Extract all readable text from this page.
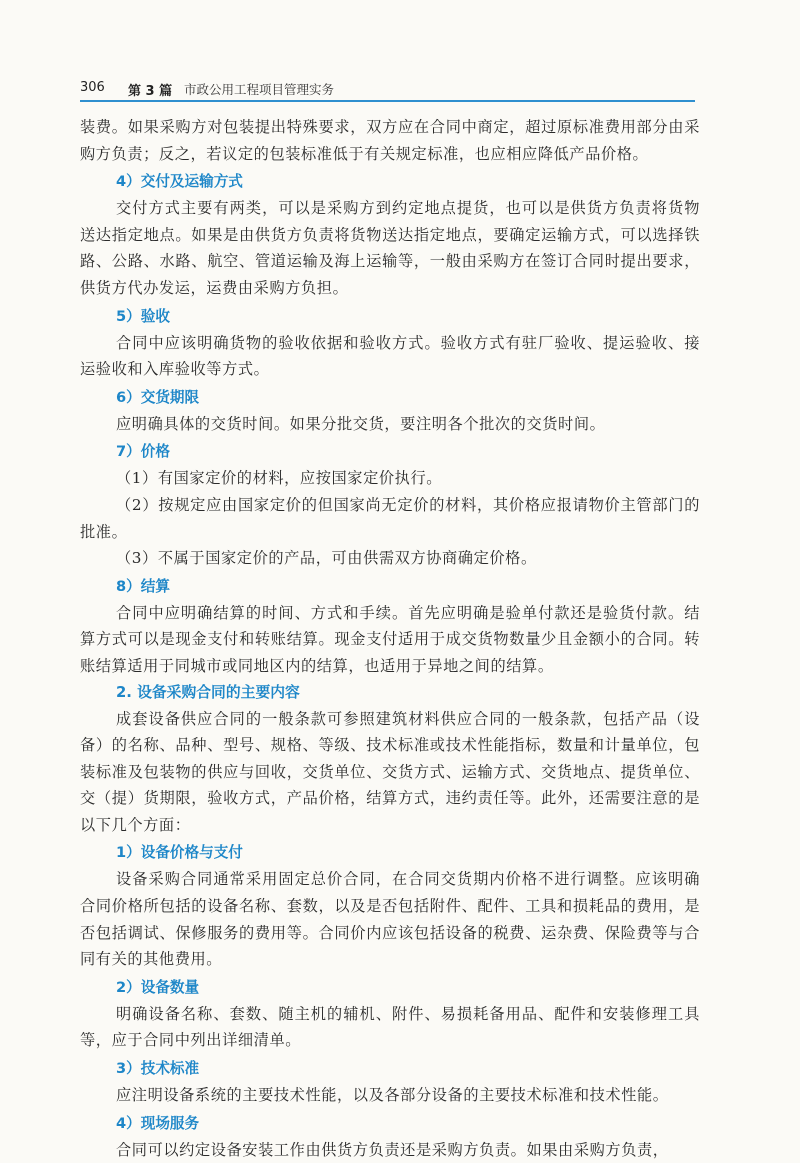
306 第 3 篇 市政公用工程项目管理实务

装费。如果采购方对包装提出特殊要求，双方应在合同中商定，超过原标准费用部分由采购方负责；反之，若议定的包装标准低于有关规定标准，也应相应降低产品价格。

4）交付及运输方式

交付方式主要有两类，可以是采购方到约定地点提货，也可以是供货方负责将货物送达指定地点。如果是由供货方负责将货物送达指定地点，要确定运输方式，可以选择铁路、公路、水路、航空、管道运输及海上运输等，一般由采购方在签订合同时提出要求，供货方代办发运，运费由采购方负担。

5）验收

合同中应该明确货物的验收依据和验收方式。验收方式有驻厂验收、提运验收、接运验收和入库验收等方式。

6）交货期限

应明确具体的交货时间。如果分批交货，要注明各个批次的交货时间。

7）价格

（1）有国家定价的材料，应按国家定价执行。

（2）按规定应由国家定价的但国家尚无定价的材料，其价格应报请物价主管部门的批准。

（3）不属于国家定价的产品，可由供需双方协商确定价格。

8）结算

合同中应明确结算的时间、方式和手续。首先应明确是验单付款还是验货付款。结算方式可以是现金支付和转账结算。现金支付适用于成交货物数量少且金额小的合同。转账结算适用于同城市或同地区内的结算，也适用于异地之间的结算。

2. 设备采购合同的主要内容

成套设备供应合同的一般条款可参照建筑材料供应合同的一般条款，包括产品（设备）的名称、品种、型号、规格、等级、技术标准或技术性能指标，数量和计量单位，包装标准及包装物的供应与回收，交货单位、交货方式、运输方式、交货地点、提货单位、交（提）货期限，验收方式，产品价格，结算方式，违约责任等。此外，还需要注意的是以下几个方面：

1）设备价格与支付

设备采购合同通常采用固定总价合同，在合同交货期内价格不进行调整。应该明确合同价格所包括的设备名称、套数，以及是否包括附件、配件、工具和损耗品的费用，是否包括调试、保修服务的费用等。合同价内应该包括设备的税费、运杂费、保险费等与合同有关的其他费用。

2）设备数量

明确设备名称、套数、随主机的辅机、附件、易损耗备用品、配件和安装修理工具等，应于合同中列出详细清单。

3）技术标准

应注明设备系统的主要技术性能，以及各部分设备的主要技术标准和技术性能。

4）现场服务

合同可以约定设备安装工作由供货方负责还是采购方负责。如果由采购方负责，
